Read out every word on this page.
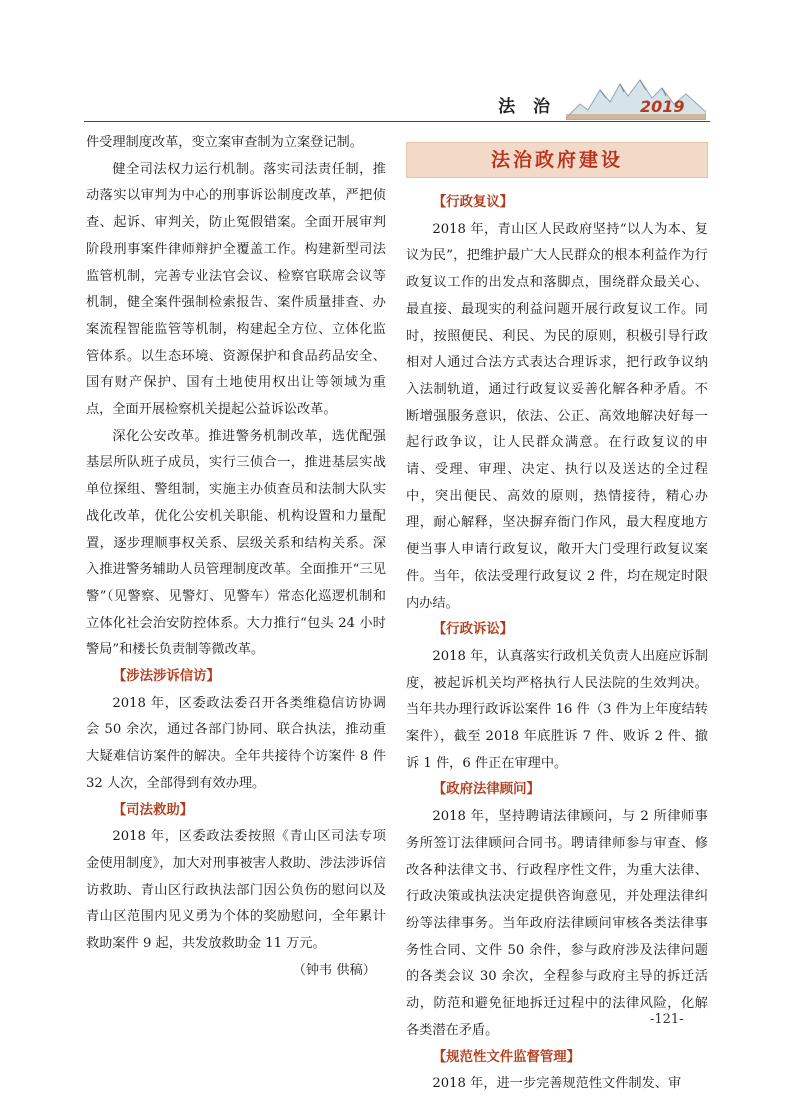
法 治	2019

件受理制度改革，变立案审查制为立案登记制。

健全司法权力运行机制。落实司法责任制，推动落实以审判为中心的刑事诉讼制度改革，严把侦查、起诉、审判关，防止冤假错案。全面开展审判阶段刑事案件律师辩护全覆盖工作。构建新型司法监管机制，完善专业法官会议、检察官联席会议等机制，健全案件强制检索报告、案件质量排查、办案流程智能监管等机制，构建起全方位、立体化监管体系。以生态环境、资源保护和食品药品安全、国有财产保护、国有土地使用权出让等领域为重点，全面开展检察机关提起公益诉讼改革。

深化公安改革。推进警务机制改革，选优配强基层所队班子成员，实行三侦合一，推进基层实战单位探组、警组制，实施主办侦查员和法制大队实战化改革，优化公安机关职能、机构设置和力量配置，逐步理顺事权关系、层级关系和结构关系。深入推进警务辅助人员管理制度改革。全面推开“三见警”（见警察、见警灯、见警车）常态化巡逻机制和立体化社会治安防控体系。大力推行“包头 24 小时警局”和楼长负责制等微改革。

【涉法涉诉信访】

2018 年，区委政法委召开各类维稳信访协调会 50 余次，通过各部门协同、联合执法，推动重大疑难信访案件的解决。全年共接待个访案件 8 件 32 人次，全部得到有效办理。

【司法救助】

2018 年，区委政法委按照《青山区司法专项金使用制度》，加大对刑事被害人救助、涉法涉诉信访救助、青山区行政执法部门因公负伤的慰问以及青山区范围内见义勇为个体的奖励慰问，全年累计救助案件 9 起，共发放救助金 11 万元。

（钟韦 供稿）

法治政府建设

【行政复议】

2018 年，青山区人民政府坚持“以人为本、复议为民”，把维护最广大人民群众的根本利益作为行政复议工作的出发点和落脚点，围绕群众最关心、最直接、最现实的利益问题开展行政复议工作。同时，按照便民、利民、为民的原则，积极引导行政相对人通过合法方式表达合理诉求，把行政争议纳入法制轨道，通过行政复议妥善化解各种矛盾。不断增强服务意识，依法、公正、高效地解决好每一起行政争议，让人民群众满意。在行政复议的申请、受理、审理、决定、执行以及送达的全过程中，突出便民、高效的原则，热情接待，精心办理，耐心解释，坚决摒弃衙门作风，最大程度地方便当事人申请行政复议，敞开大门受理行政复议案件。当年，依法受理行政复议 2 件，均在规定时限内办结。

【行政诉讼】

2018 年，认真落实行政机关负责人出庭应诉制度，被起诉机关均严格执行人民法院的生效判决。当年共办理行政诉讼案件 16 件（3 件为上年度结转案件），截至 2018 年底胜诉 7 件、败诉 2 件、撤诉 1 件，6 件正在审理中。

【政府法律顾问】

2018 年，坚持聘请法律顾问，与 2 所律师事务所签订法律顾问合同书。聘请律师参与审查、修改各种法律文书、行政程序性文件，为重大法律、行政决策或执法决定提供咨询意见，并处理法律纠纷等法律事务。当年政府法律顾问审核各类法律事务性合同、文件 50 余件，参与政府涉及法律问题的各类会议 30 余次，全程参与政府主导的拆迁活动，防范和避免征地拆迁过程中的法律风险，化解各类潜在矛盾。

【规范性文件监督管理】

2018 年，进一步完善规范性文件制发、审

-121-
